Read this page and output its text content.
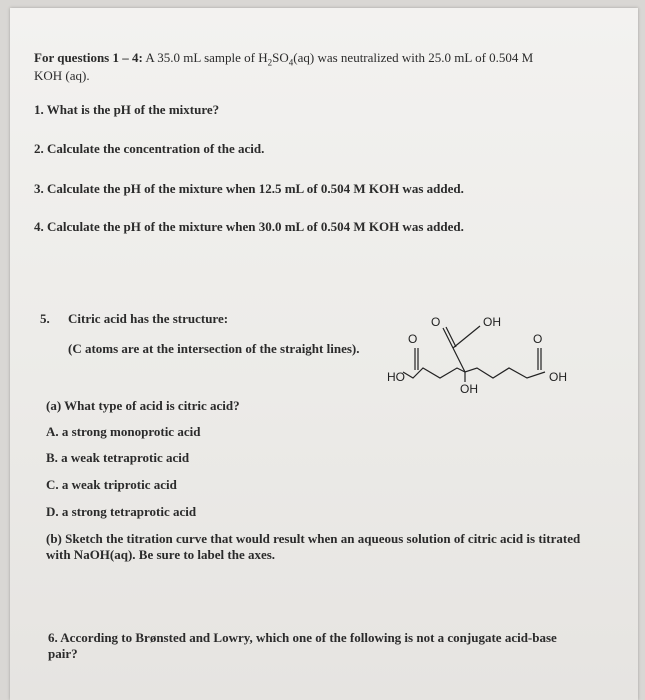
For questions 1 – 4: A 35.0 mL sample of $H_2SO_4(aq)$ was neutralized with 25.0 mL of 0.504 M
KOH (aq).
1. What is the pH of the mixture?
2. Calculate the concentration of the acid.
3. Calculate the pH of the mixture when 12.5 mL of 0.504 M KOH was added.
4. Calculate the pH of the mixture when 30.0 mL of 0.504 M KOH was added.
5. Citric acid has the structure:
(C atoms are at the intersection of the straight lines).
HO	OH
OH
OH
O	O
O
(a) What type of acid is citric acid?
A. a strong monoprotic acid
B. a weak tetraprotic acid
C. a weak triprotic acid
D. a strong tetraprotic acid
(b) Sketch the titration curve that would result when an aqueous solution of citric acid is titrated
with NaOH(aq). Be sure to label the axes.
6. According to Brønsted and Lowry, which one of the following is not a conjugate acid-base
pair?
